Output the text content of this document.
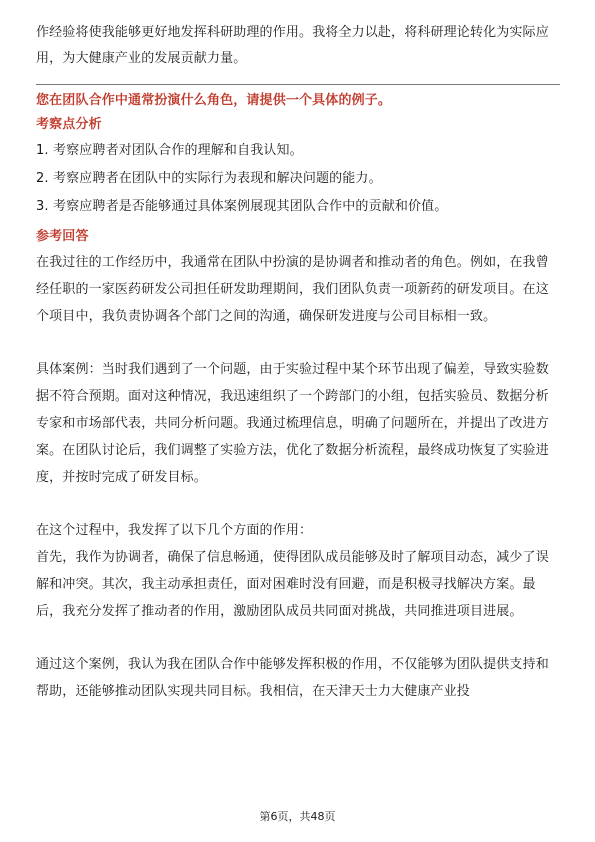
作经验将使我能够更好地发挥科研助理的作用。我将全力以赴，将科研理论转化为实际应用，为大健康产业的发展贡献力量。

您在团队合作中通常扮演什么角色，请提供一个具体的例子。

考察点分析

1. 考察应聘者对团队合作的理解和自我认知。

2. 考察应聘者在团队中的实际行为表现和解决问题的能力。

3. 考察应聘者是否能够通过具体案例展现其团队合作中的贡献和价值。

参考回答

在我过往的工作经历中，我通常在团队中扮演的是协调者和推动者的角色。例如，在我曾经任职的一家医药研发公司担任研发助理期间，我们团队负责一项新药的研发项目。在这个项目中，我负责协调各个部门之间的沟通，确保研发进度与公司目标相一致。

具体案例：当时我们遇到了一个问题，由于实验过程中某个环节出现了偏差，导致实验数据不符合预期。面对这种情况，我迅速组织了一个跨部门的小组，包括实验员、数据分析专家和市场部代表，共同分析问题。我通过梳理信息，明确了问题所在，并提出了改进方案。在团队讨论后，我们调整了实验方法，优化了数据分析流程，最终成功恢复了实验进度，并按时完成了研发目标。

在这个过程中，我发挥了以下几个方面的作用：

首先，我作为协调者，确保了信息畅通，使得团队成员能够及时了解项目动态，减少了误解和冲突。其次，我主动承担责任，面对困难时没有回避，而是积极寻找解决方案。最后，我充分发挥了推动者的作用，激励团队成员共同面对挑战，共同推进项目进展。

通过这个案例，我认为我在团队合作中能够发挥积极的作用，不仅能够为团队提供支持和帮助，还能够推动团队实现共同目标。我相信，在天津天士力大健康产业投

第6页，共48页
